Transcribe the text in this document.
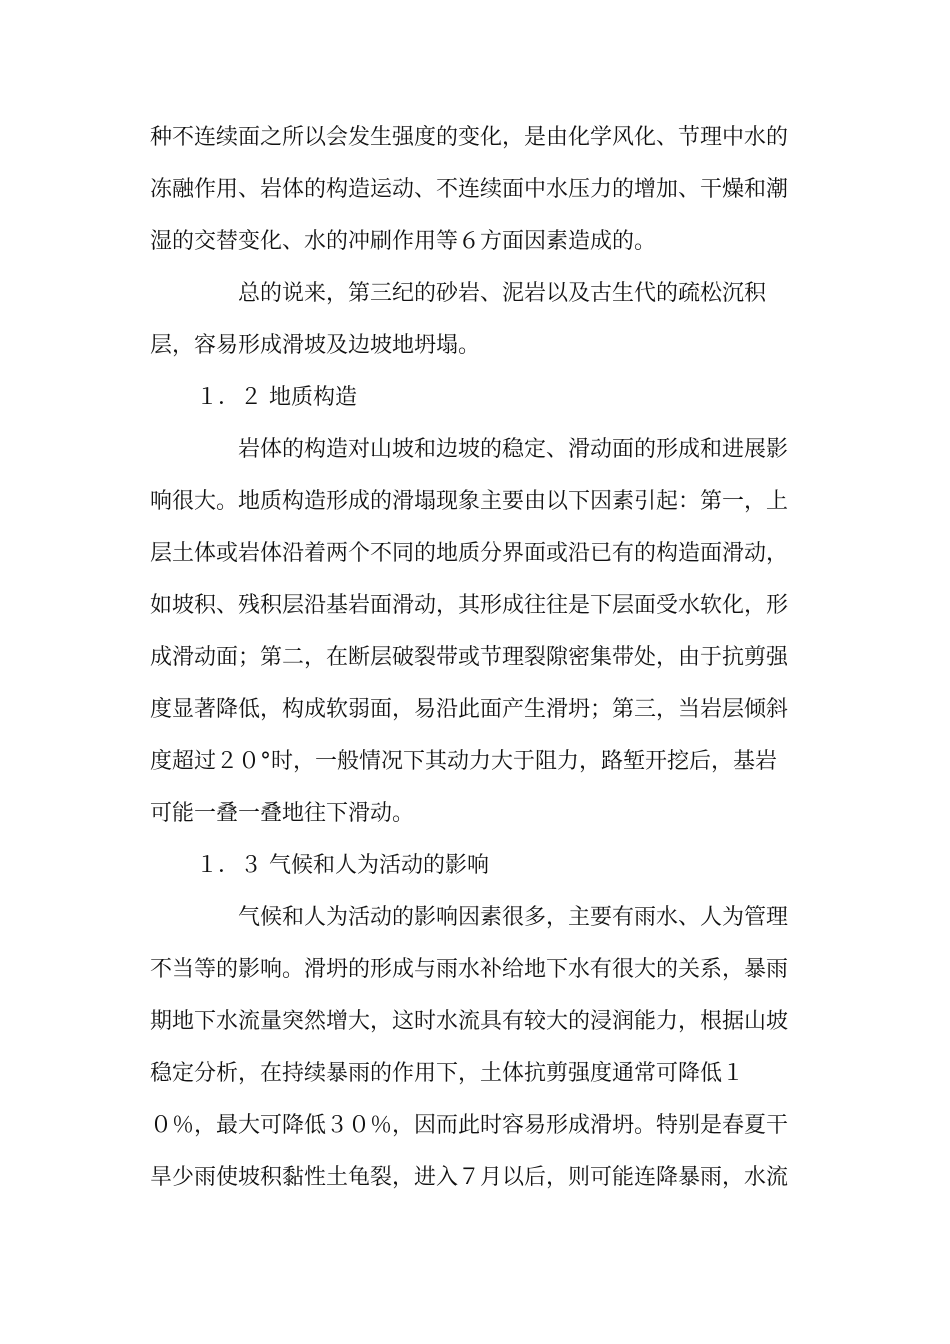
种不连续面之所以会发生强度的变化，是由化学风化、节理中水的
冻融作用、岩体的构造运动、不连续面中水压力的增加、干燥和潮
湿的交替变化、水的冲刷作用等６方面因素造成的。
总的说来，第三纪的砂岩、泥岩以及古生代的疏松沉积
层，容易形成滑坡及边坡地坍塌。
１．２ 地质构造
岩体的构造对山坡和边坡的稳定、滑动面的形成和进展影
响很大。地质构造形成的滑塌现象主要由以下因素引起：第一，上
层土体或岩体沿着两个不同的地质分界面或沿已有的构造面滑动，
如坡积、残积层沿基岩面滑动，其形成往往是下层面受水软化，形
成滑动面；第二，在断层破裂带或节理裂隙密集带处，由于抗剪强
度显著降低，构成软弱面，易沿此面产生滑坍；第三，当岩层倾斜
度超过２０°时，一般情况下其动力大于阻力，路堑开挖后，基岩
可能一叠一叠地往下滑动。
１．３ 气候和人为活动的影响
气候和人为活动的影响因素很多，主要有雨水、人为管理
不当等的影响。滑坍的形成与雨水补给地下水有很大的关系，暴雨
期地下水流量突然增大，这时水流具有较大的浸润能力，根据山坡
稳定分析，在持续暴雨的作用下，土体抗剪强度通常可降低１
０％，最大可降低３０％，因而此时容易形成滑坍。特别是春夏干
旱少雨使坡积黏性土龟裂，进入７月以后，则可能连降暴雨，水流
